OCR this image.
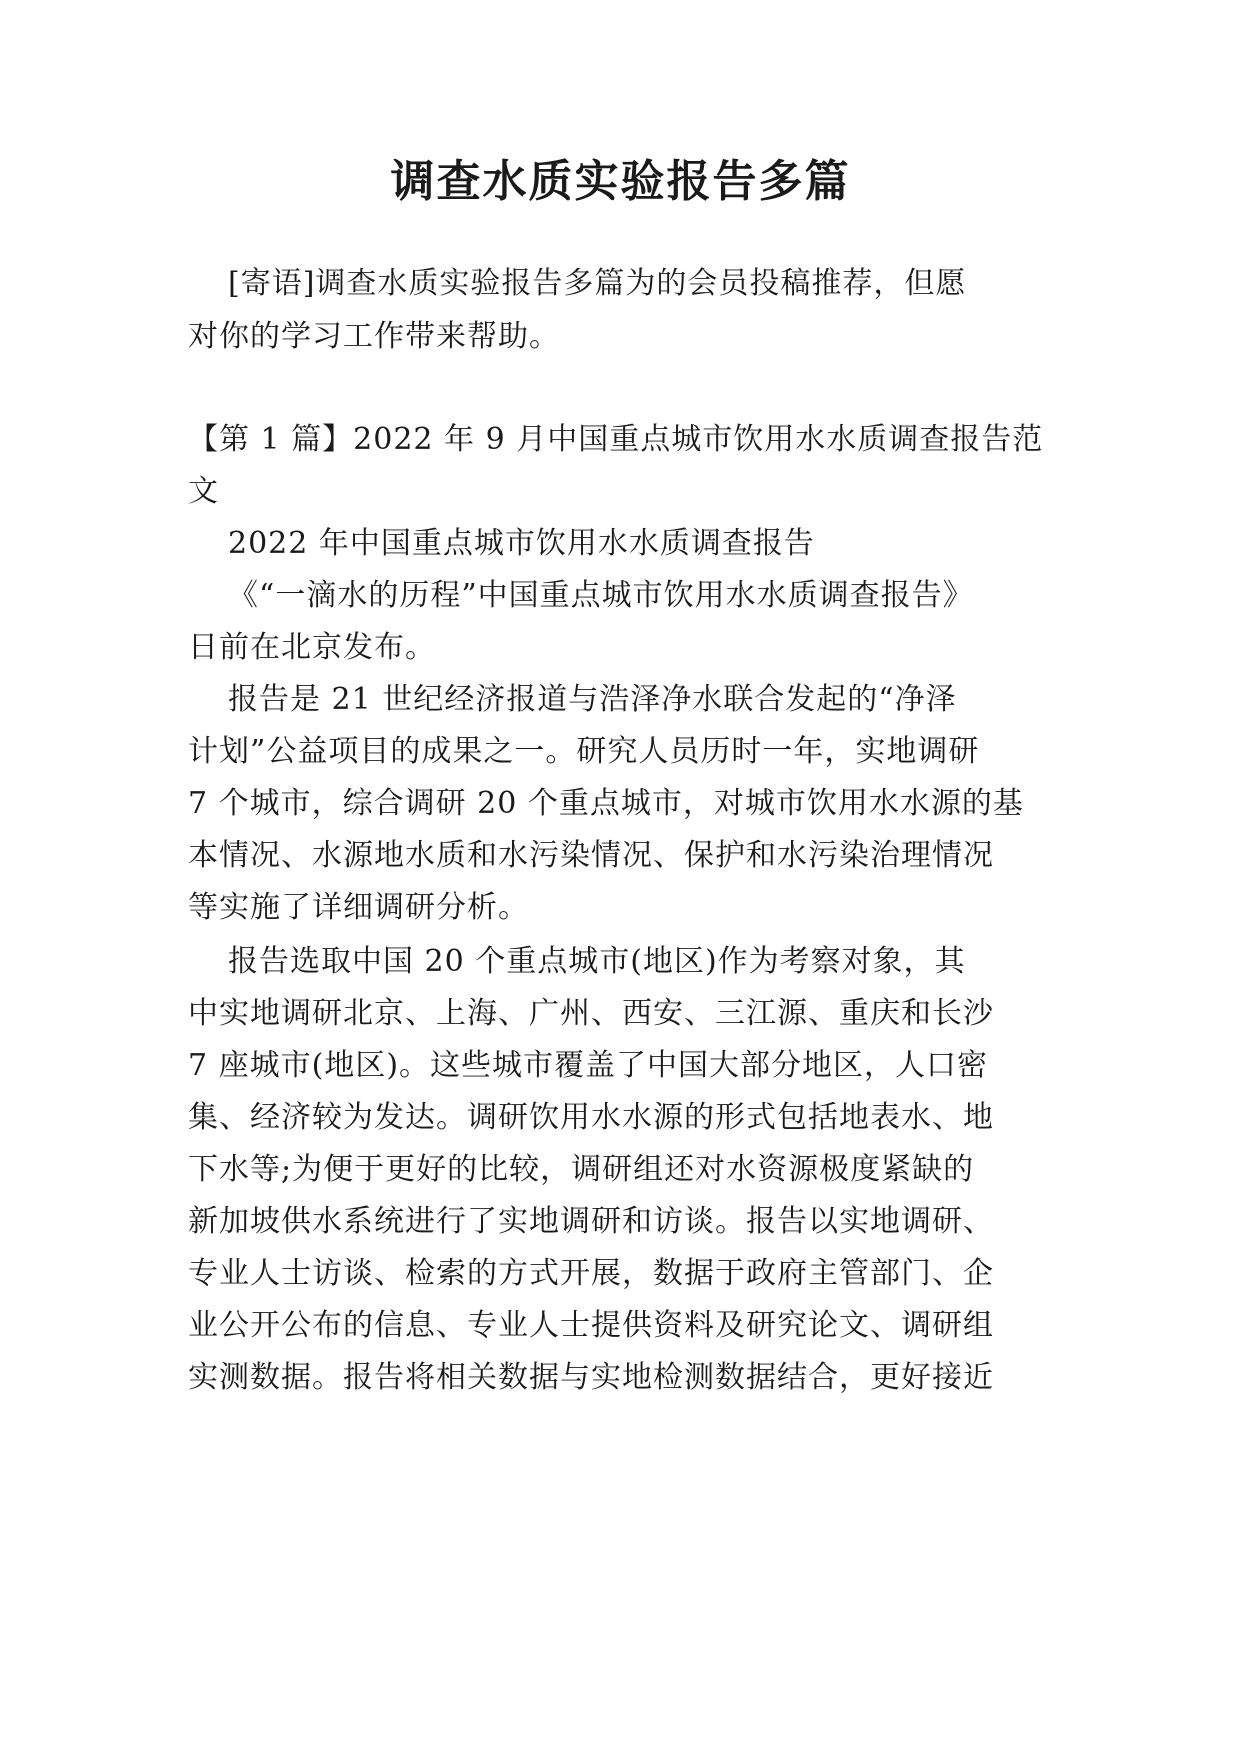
调查水质实验报告多篇

[寄语]调查水质实验报告多篇为的会员投稿推荐，但愿

对你的学习工作带来帮助。

【第 1 篇】2022 年 9 月中国重点城市饮用水水质调查报告范

文

2022 年中国重点城市饮用水水质调查报告

《“一滴水的历程”中国重点城市饮用水水质调查报告》

日前在北京发布。

报告是 21 世纪经济报道与浩泽净水联合发起的“净泽

计划”公益项目的成果之一。研究人员历时一年，实地调研

7 个城市，综合调研 20 个重点城市，对城市饮用水水源的基

本情况、水源地水质和水污染情况、保护和水污染治理情况

等实施了详细调研分析。

报告选取中国 20 个重点城市(地区)作为考察对象，其

中实地调研北京、上海、广州、西安、三江源、重庆和长沙

7 座城市(地区)。这些城市覆盖了中国大部分地区，人口密

集、经济较为发达。调研饮用水水源的形式包括地表水、地

下水等;为便于更好的比较，调研组还对水资源极度紧缺的

新加坡供水系统进行了实地调研和访谈。报告以实地调研、

专业人士访谈、检索的方式开展，数据于政府主管部门、企

业公开公布的信息、专业人士提供资料及研究论文、调研组

实测数据。报告将相关数据与实地检测数据结合，更好接近
